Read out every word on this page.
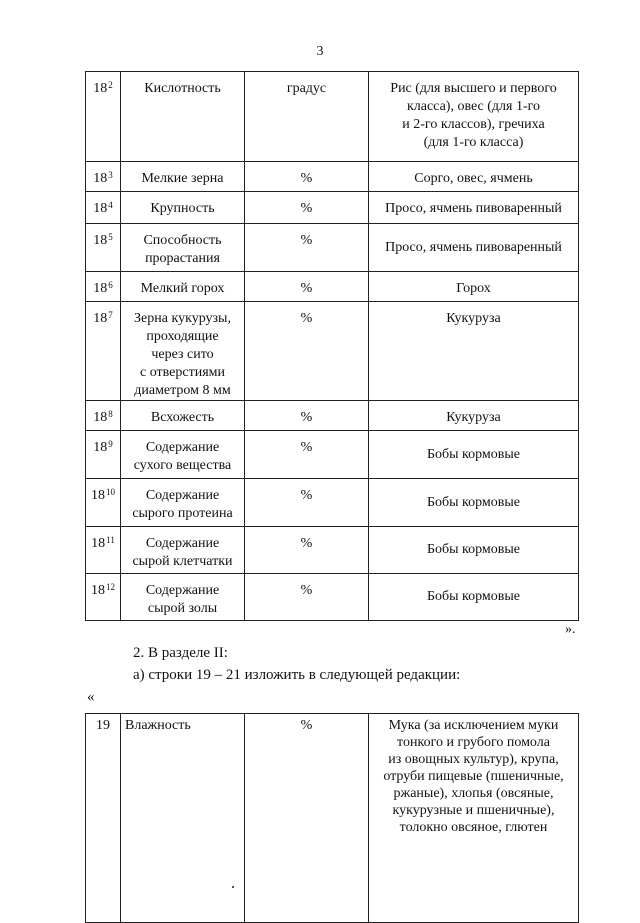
3
$18^2$	Кислотность	градус	Рис (для высшего и первого
класса), овес (для 1-го
и 2-го классов), гречиха
(для 1-го класса)
$18^3$	Мелкие зерна	%	Сорго, овес, ячмень
$18^4$	Крупность	%	Просо, ячмень пивоваренный
$18^5$	Способность
прорастания	%	Просо, ячмень пивоваренный
$18^6$	Мелкий горох	%	Горох
$18^7$	Зерна кукурузы,
проходящие
через сито
с отверстиями
диаметром 8 мм	%	Кукуруза
$18^8$	Всхожесть	%	Кукуруза
$18^9$	Содержание
сухого вещества	%	Бобы кормовые
$18^{10}$	Содержание
сырого протеина	%	Бобы кормовые
$18^{11}$	Содержание
сырой клетчатки	%	Бобы кормовые
$18^{12}$	Содержание
сырой золы	%	Бобы кормовые
».
2. В разделе II:
а) строки 19 – 21 изложить в следующей редакции:
«
19	Влажность	%	Мука (за исключением муки
тонкого и грубого помола
из овощных культур), крупа,
отруби пищевые (пшеничные,
ржаные), хлопья (овсяные,
кукурузные и пшеничные),
толокно овсяное, глютен
